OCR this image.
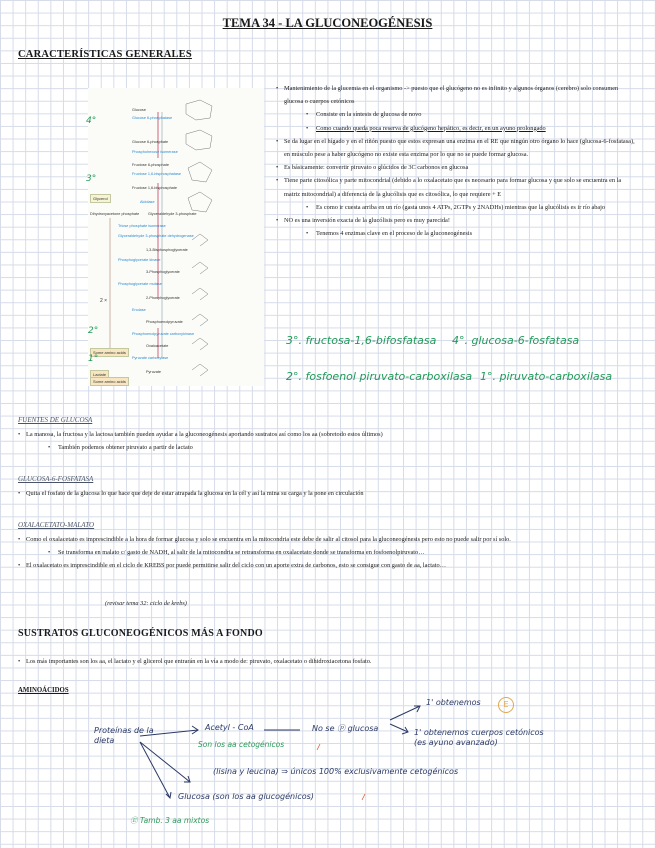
TEMA 34 - LA GLUCONEOGÉNESIS
CARACTERÍSTICAS GENERALES
Glucose
Glucose 6-phosphatase
Glucose 6-phosphate
Phosphohexose isomerase
Fructose 6-phosphate
Fructose 1,6-bisphosphatase
Fructose 1,6-bisphosphate
Glycerol
Aldolase
Dihydroxyacetone phosphate
Triose phosphate isomerase
Glyceraldehyde 3-phosphate
Glyceraldehyde 3-phosphate dehydrogenase
1,3-Bisphosphoglycerate
Phosphoglycerate kinase
3-Phosphoglycerate
Phosphoglycerate mutase
2-Phosphoglycerate
Enolase
Phosphoenolpyruvate
Phosphoenolpyruvate carboxykinase
Oxaloacetate
Pyruvate carboxylase
Pyruvate
Some amino acids
Lactate
Some amino acids
2 ×
4°
3°
2°
1°
• Mantenimiento de la glucemia en el organismo -> puesto que el glucógeno no es infinito y algunos órganos (cerebro) solo consumen glucosa o cuerpos cetónicos
• Consiste en la síntesis de glucosa de novo
• Como cuando queda poca reserva de glucógeno hepático, es decir, en un ayuno prolongado
• Se da lugar en el hígado y en el riñón puesto que estos expresan una enzima en el RE que ningún otro órgano lo hace (glucosa-6-fosfatasa), en músculo pese a haber glucógeno no existe esta enzima por lo que no se puede formar glucosa.
• Es básicamente: convertir piruvato o glúcidos de 3C carbonos en glucosa
• Tiene parte citosólica y parte mitocondrial (debido a lo oxalacetato que es necesario para formar glucosa y que solo se encuentra en la matriz mitocondrial) a diferencia de la glucólisis que es citosólica, lo que requiere + E
• Es como ir cuesta arriba en un río (gasta unos 4 ATPs, 2GTPs y 2NADHs) mientras que la glucólisis es ir río abajo
• NO es una inversión exacta de la glucólisis pero es muy parecida!
• Tenemos 4 enzimas clave en el proceso de la gluconeogénesis
3°. fructosa-1,6-bifosfatasa 4°. glucosa-6-fosfatasa
2°. fosfoenol piruvato-carboxilasa 1°. piruvato-carboxilasa
FUENTES DE GLUCOSA
• La manosa, la fructosa y la lactosa también pueden ayudar a la gluconeogénesis aportando sustratos así como los aa (sobretodo estos últimos)
• También podemos obtener piruvato a partir de lactato
GLUCOSA-6-FOSFATASA
• Quita el fosfato de la glucosa lo que hace que deje de estar atrapada la glucosa en la cél y así la mina su carga y la pone en circulación
OXALACETATO-MALATO
• Como el oxalacetato es imprescindible a la hora de formar glucosa y solo se encuentra en la mitocondria este debe de salir al citosol para la gluconeogénesis pero esto no puede salir por sí solo.
• Se transforma en malato c/ gasto de NADH, al salir de la mitocondria se retransforma en oxalacetato donde se transforma en fosfoenolpiruvato…
• El oxalacetato es imprescindible en el ciclo de KREBS por puede permitirse salir del ciclo con un aporte extra de carbonos, esto se consigue con gasto de aa, lactato…
(revisar tema 32: ciclo de krebs)
SUSTRATOS GLUCONEOGÉNICOS MÁS A FONDO
• Los más importantes son los aa, el lactato y el glicerol que entrarán en la vía a modo de: piruvato, oxalacetato o dihidroxiacetona fosfato.
AMINOÁCIDOS
Proteínas de la dieta
Acetyl - CoA	No se ⓟ glucosa
1' obtenemos	E
1' obtenemos cuerpos cetónicos (es ayuno avanzado)
Son los aa cetogénicos
(lisina y leucina) ⇒ únicos 100% exclusivamente cetogénicos
Glucosa (son los aa glucogénicos)
Ⓔ Tamb. 3 aa mixtos
